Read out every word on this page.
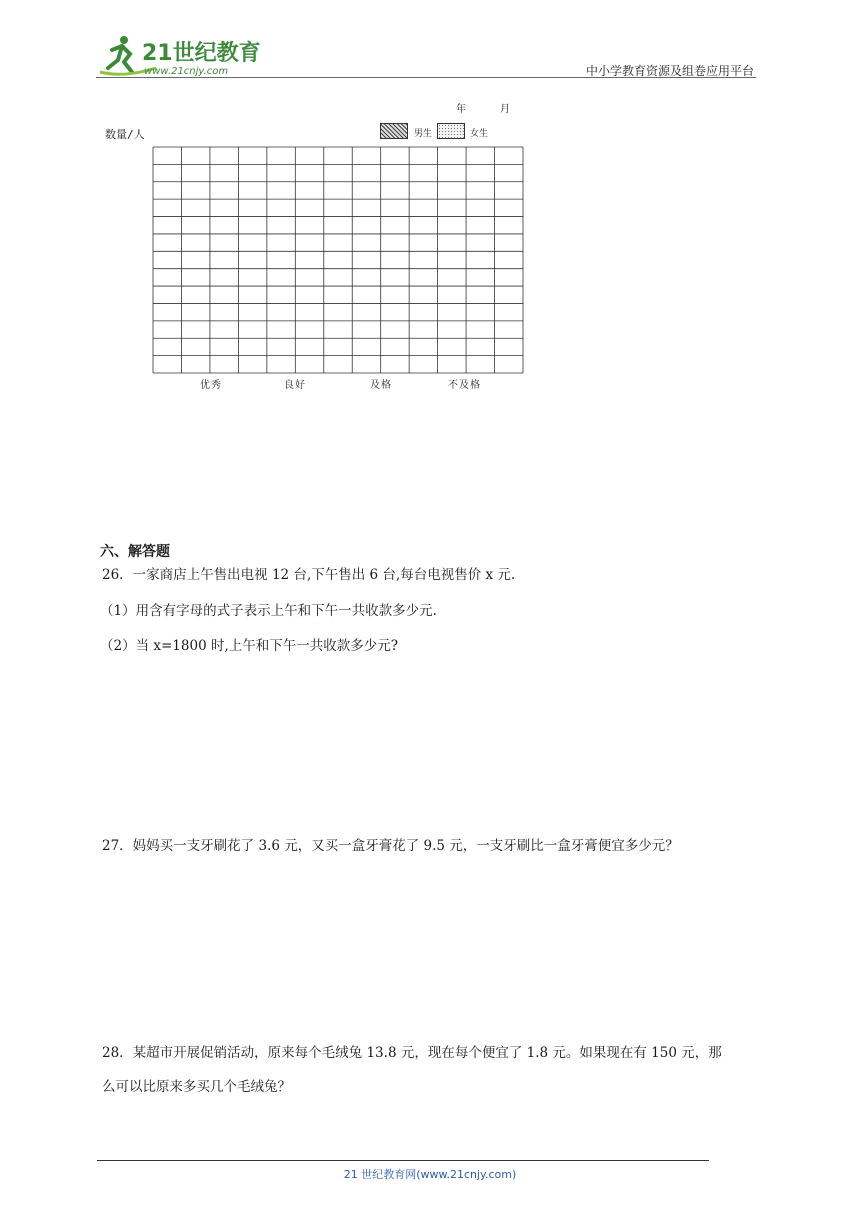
21世纪教育
www.21cnjy.com	中小学教育资源及组卷应用平台
年	月
数量/人	男生	女生
优秀	良好	及格	不及格
六、解答题
26．一家商店上午售出电视 12 台,下午售出 6 台,每台电视售价 x 元.
（1）用含有字母的式子表示上午和下午一共收款多少元.
（2）当 x=1800 时,上午和下午一共收款多少元?
27．妈妈买一支牙刷花了 3.6 元，又买一盒牙膏花了 9.5 元，一支牙刷比一盒牙膏便宜多少元？
28．某超市开展促销活动，原来每个毛绒兔 13.8 元，现在每个便宜了 1.8 元。如果现在有 150 元，那
么可以比原来多买几个毛绒兔？
21 世纪教育网(www.21cnjy.com)
